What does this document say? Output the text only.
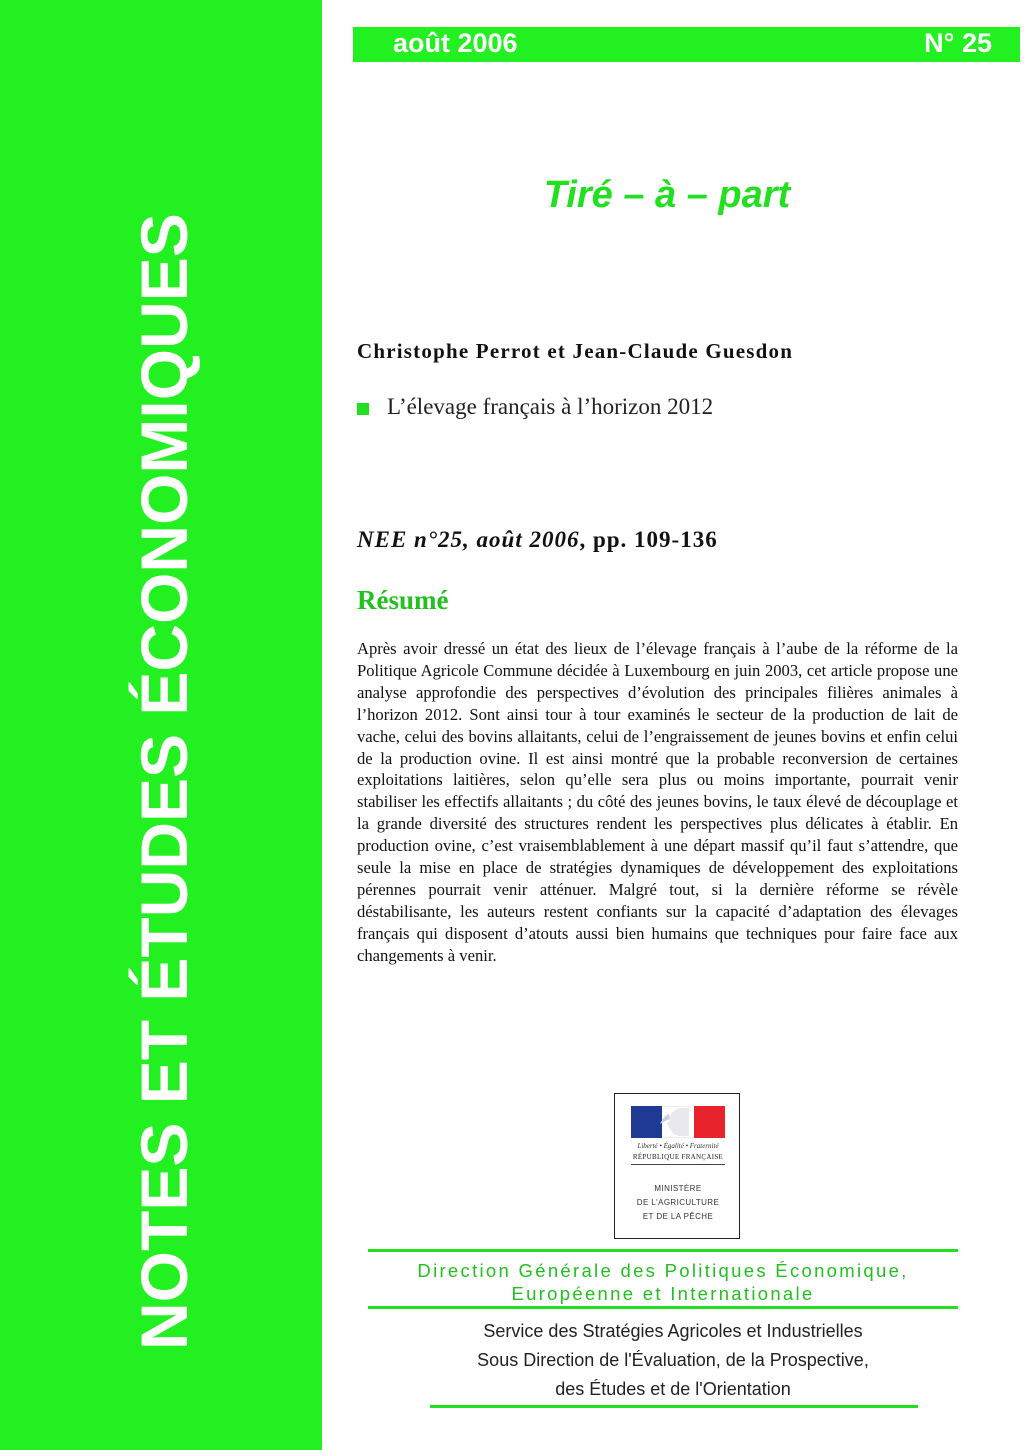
NOTES ET ÉTUDES ÉCONOMIQUES
août 2006	N° 25
Tiré – à – part
Christophe Perrot et Jean-Claude Guesdon
L’élevage français à l’horizon 2012
NEE n°25, août 2006, pp. 109-136
Résumé
Après avoir dressé un état des lieux de l’élevage français à l’aube de la réforme de la Politique Agricole Commune décidée à Luxembourg en juin 2003, cet article propose une analyse approfondie des perspectives d’évolution des principales filières animales à l’horizon 2012. Sont ainsi tour à tour examinés le secteur de la production de lait de vache, celui des bovins allaitants, celui de l’engraissement de jeunes bovins et enfin celui de la production ovine. Il est ainsi montré que la probable reconversion de certaines exploitations laitières, selon qu’elle sera plus ou moins importante, pourrait venir stabiliser les effectifs allaitants ; du côté des jeunes bovins, le taux élevé de découplage et la grande diversité des structures rendent les perspectives plus délicates à établir. En production ovine, c’est vraisemblablement à une départ massif qu’il faut s’attendre, que seule la mise en place de stratégies dynamiques de développement des exploitations pérennes pourrait venir atténuer. Malgré tout, si la dernière réforme se révèle déstabilisante, les auteurs restent confiants sur la capacité d’adaptation des élevages français qui disposent d’atouts aussi bien humains que techniques pour faire face aux changements à venir.
Liberté • Égalité • Fraternité
RÉPUBLIQUE FRANÇAISE
MINISTÈRE
DE L'AGRICULTURE
ET DE LA PÊCHE
Direction Générale des Politiques Économique,
Européenne et Internationale
Service des Stratégies Agricoles et Industrielles
Sous Direction de l'Évaluation, de la Prospective,
des Études et de l'Orientation
